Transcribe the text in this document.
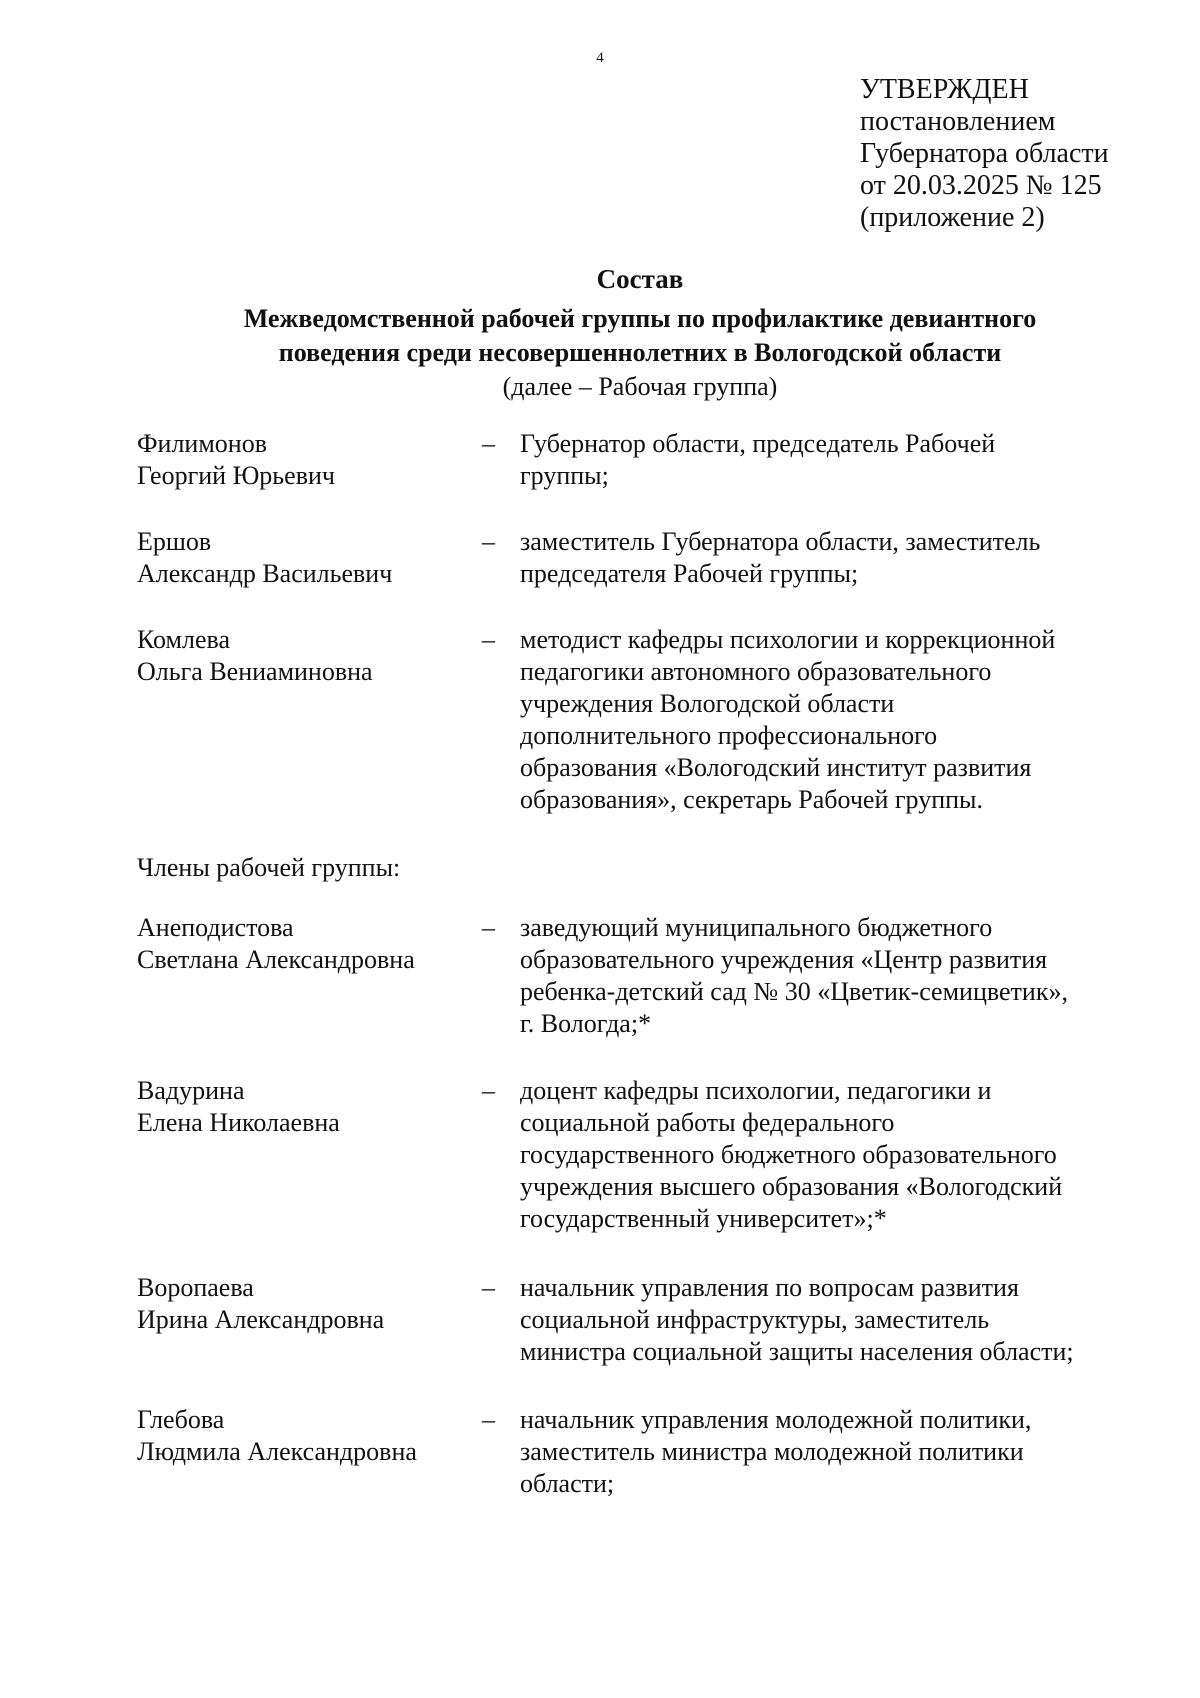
4
УТВЕРЖДЕН
постановлением
Губернатора области
от 20.03.2025 № 125
(приложение 2)
Состав
Межведомственной рабочей группы по профилактике девиантного
поведения среди несовершеннолетних в Вологодской области
(далее – Рабочая группа)
Филимонов
Георгий Юрьевич
– Губернатор области, председатель Рабочей
группы;
Ершов
Александр Васильевич
– заместитель Губернатора области, заместитель
председателя Рабочей группы;
Комлева
Ольга Вениаминовна
– методист кафедры психологии и коррекционной
педагогики автономного образовательного
учреждения Вологодской области
дополнительного профессионального
образования «Вологодский институт развития
образования», секретарь Рабочей группы.
Члены рабочей группы:
Анеподистова
Светлана Александровна
– заведующий муниципального бюджетного
образовательного учреждения «Центр развития
ребенка-детский сад № 30 «Цветик-семицветик»,
г. Вологда;*
Вадурина
Елена Николаевна
– доцент кафедры психологии, педагогики и
социальной работы федерального
государственного бюджетного образовательного
учреждения высшего образования «Вологодский
государственный университет»;*
Воропаева
Ирина Александровна
– начальник управления по вопросам развития
социальной инфраструктуры, заместитель
министра социальной защиты населения области;
Глебова
Людмила Александровна
– начальник управления молодежной политики,
заместитель министра молодежной политики
области;
